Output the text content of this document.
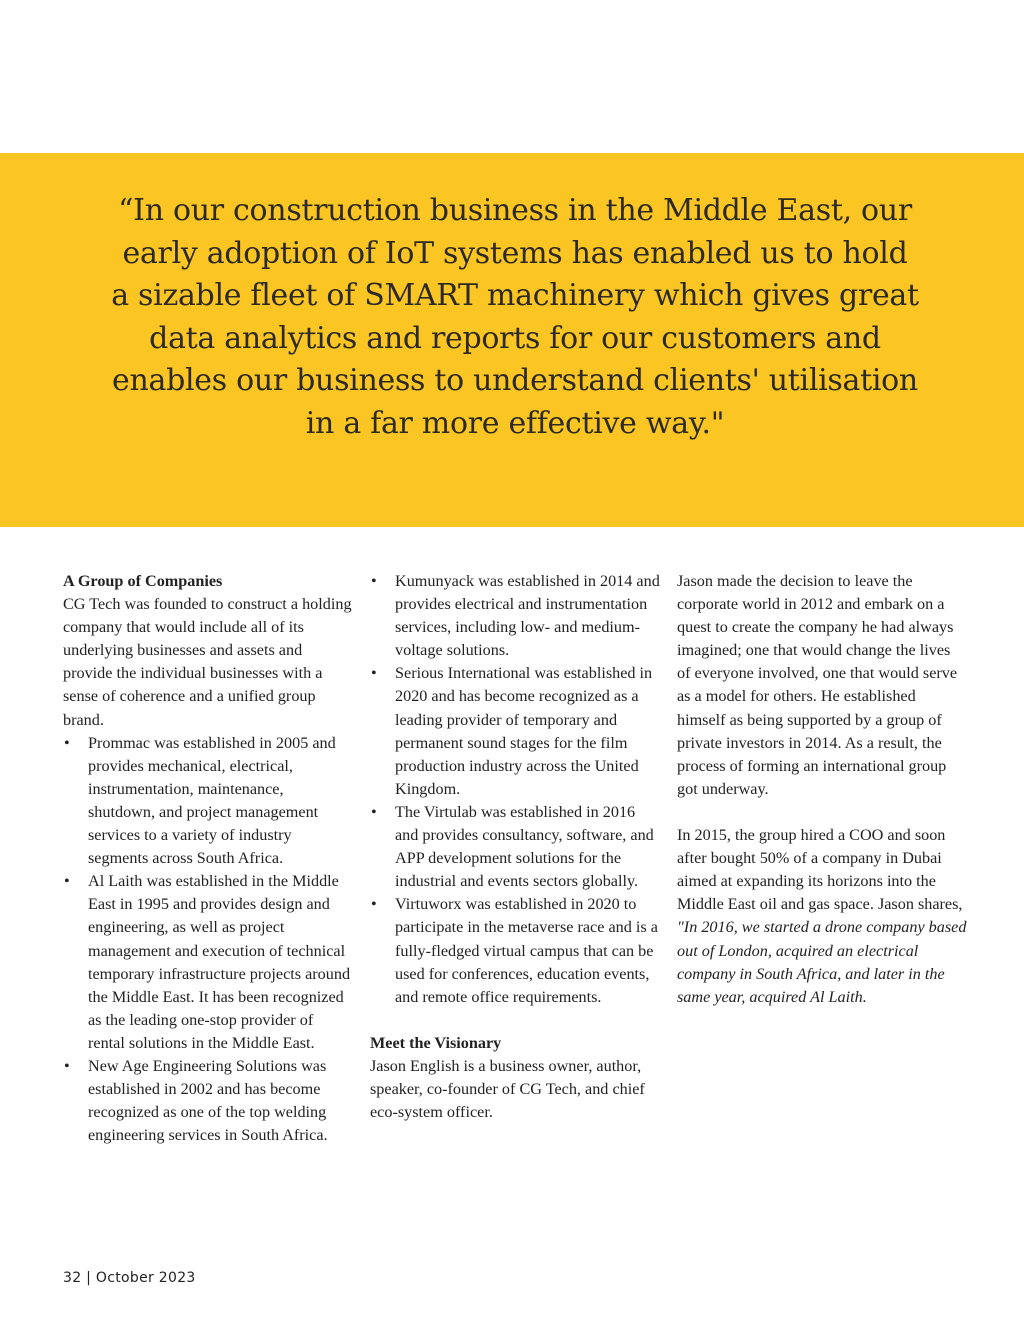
“In our construction business in the Middle East, our early adoption of IoT systems has enabled us to hold a sizable fleet of SMART machinery which gives great data analytics and reports for our customers and enables our business to understand clients' utilisation in a far more effective way."

A Group of Companies

CG Tech was founded to construct a holding company that would include all of its underlying businesses and assets and provide the individual businesses with a sense of coherence and a unified group brand.

• Prommac was established in 2005 and provides mechanical, electrical, instrumentation, maintenance, shutdown, and project management services to a variety of industry segments across South Africa.
• Al Laith was established in the Middle East in 1995 and provides design and engineering, as well as project management and execution of technical temporary infrastructure projects around the Middle East. It has been recognized as the leading one-stop provider of rental solutions in the Middle East.
• New Age Engineering Solutions was established in 2002 and has become recognized as one of the top welding engineering services in South Africa.
• Kumunyack was established in 2014 and provides electrical and instrumentation services, including low- and medium-voltage solutions.
• Serious International was established in 2020 and has become recognized as a leading provider of temporary and permanent sound stages for the film production industry across the United Kingdom.
• The Virtulab was established in 2016 and provides consultancy, software, and APP development solutions for the industrial and events sectors globally.
• Virtuworx was established in 2020 to participate in the metaverse race and is a fully-fledged virtual campus that can be used for conferences, education events, and remote office requirements.

Meet the Visionary

Jason English is a business owner, author, speaker, co-founder of CG Tech, and chief eco-system officer.

Jason made the decision to leave the corporate world in 2012 and embark on a quest to create the company he had always imagined; one that would change the lives of everyone involved, one that would serve as a model for others. He established himself as being supported by a group of private investors in 2014. As a result, the process of forming an international group got underway.

In 2015, the group hired a COO and soon after bought 50% of a company in Dubai aimed at expanding its horizons into the Middle East oil and gas space. Jason shares, "In 2016, we started a drone company based out of London, acquired an electrical company in South Africa, and later in the same year, acquired Al Laith.

32 | October 2023
